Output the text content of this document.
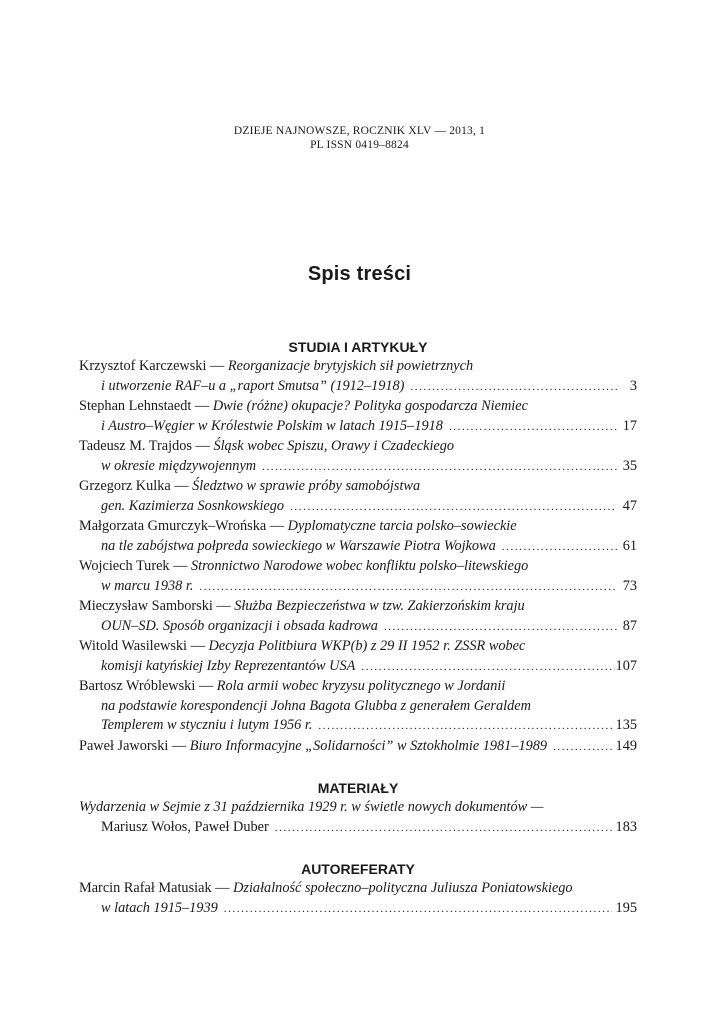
DZIEJE NAJNOWSZE, ROCZNIK XLV — 2013, 1
PL ISSN 0419–8824
Spis treści
STUDIA I ARTYKUŁY
Krzysztof Karczewski — Reorganizacje brytyjskich sił powietrznych
i utworzenie RAF–u a „raport Smutsa” (1912–1918) .....	3
Stephan Lehnstaedt — Dwie (różne) okupacje? Polityka gospodarcza Niemiec
i Austro–Węgier w Królestwie Polskim w latach 1915–1918 .....	17
Tadeusz M. Trajdos — Śląsk wobec Spiszu, Orawy i Czadeckiego
w okresie międzywojennym .....	35
Grzegorz Kulka — Śledztwo w sprawie próby samobójstwa
gen. Kazimierza Sosnkowskiego .....	47
Małgorzata Gmurczyk–Wrońska — Dyplomatyczne tarcia polsko–sowieckie
na tle zabójstwa połpreda sowieckiego w Warszawie Piotra Wojkowa .....	61
Wojciech Turek — Stronnictwo Narodowe wobec konfliktu polsko–litewskiego
w marcu 1938 r. .....	73
Mieczysław Samborski — Służba Bezpieczeństwa w tzw. Zakierzońskim kraju
OUN–SD. Sposób organizacji i obsada kadrowa .....	87
Witold Wasilewski — Decyzja Politbiura WKP(b) z 29 II 1952 r. ZSSR wobec
komisji katyńskiej Izby Reprezentantów USA .....	107
Bartosz Wróblewski — Rola armii wobec kryzysu politycznego w Jordanii
na podstawie korespondencji Johna Bagota Glubba z generałem Geraldem
Templerem w styczniu i lutym 1956 r. .....	135
Paweł Jaworski — Biuro Informacyjne „Solidarności” w Sztokholmie 1981–1989 .....	149
MATERIAŁY
Wydarzenia w Sejmie z 31 października 1929 r. w świetle nowych dokumentów —
Mariusz Wołos, Paweł Duber .....	183
AUTOREFERATY
Marcin Rafał Matusiak — Działalność społeczno–polityczna Juliusza Poniatowskiego
w latach 1915–1939 .....	195
